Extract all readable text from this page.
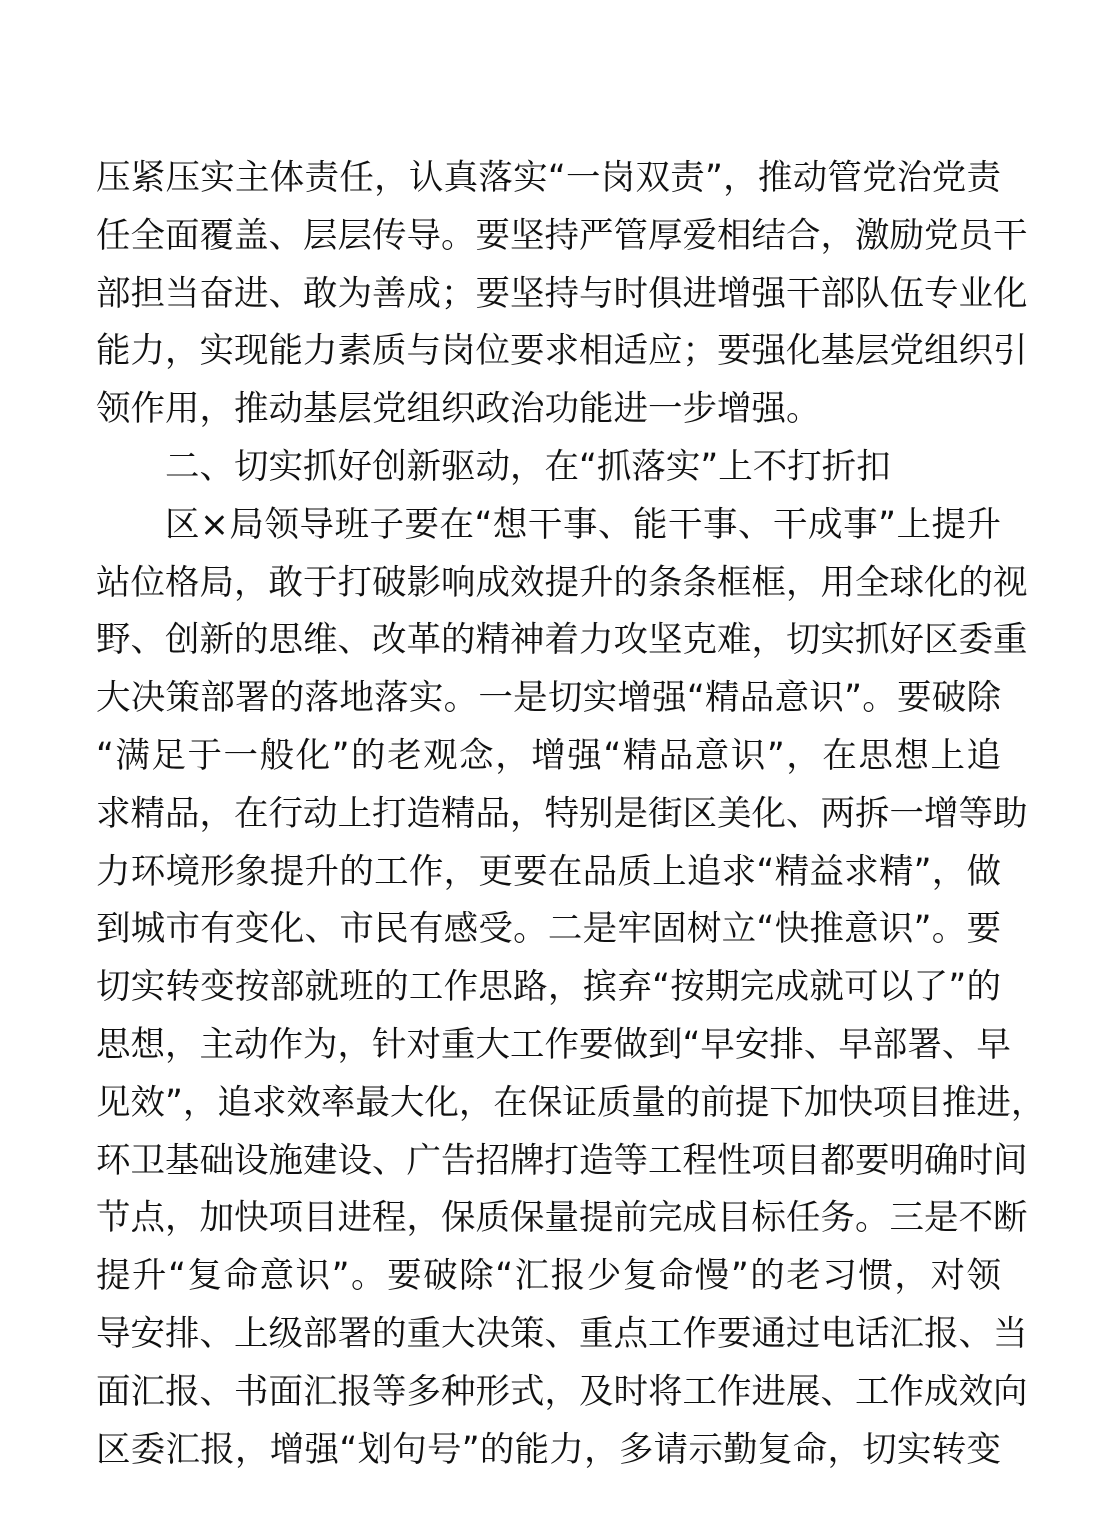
压紧压实主体责任，认真落实“一岗双责”，推动管党治党责
任全面覆盖、层层传导。要坚持严管厚爱相结合，激励党员干
部担当奋进、敢为善成；要坚持与时俱进增强干部队伍专业化
能力，实现能力素质与岗位要求相适应；要强化基层党组织引
领作用，推动基层党组织政治功能进一步增强。
二、切实抓好创新驱动，在“抓落实”上不打折扣
区×局领导班子要在“想干事、能干事、干成事”上提升
站位格局，敢于打破影响成效提升的条条框框，用全球化的视
野、创新的思维、改革的精神着力攻坚克难，切实抓好区委重
大决策部署的落地落实。一是切实增强“精品意识”。要破除
“满足于一般化”的老观念，增强“精品意识”，在思想上追
求精品，在行动上打造精品，特别是街区美化、两拆一增等助
力环境形象提升的工作，更要在品质上追求“精益求精”，做
到城市有变化、市民有感受。二是牢固树立“快推意识”。要
切实转变按部就班的工作思路，摈弃“按期完成就可以了”的
思想，主动作为，针对重大工作要做到“早安排、早部署、早
见效”，追求效率最大化，在保证质量的前提下加快项目推进，
环卫基础设施建设、广告招牌打造等工程性项目都要明确时间
节点，加快项目进程，保质保量提前完成目标任务。三是不断
提升“复命意识”。要破除“汇报少复命慢”的老习惯，对领
导安排、上级部署的重大决策、重点工作要通过电话汇报、当
面汇报、书面汇报等多种形式，及时将工作进展、工作成效向
区委汇报，增强“划句号”的能力，多请示勤复命，切实转变
